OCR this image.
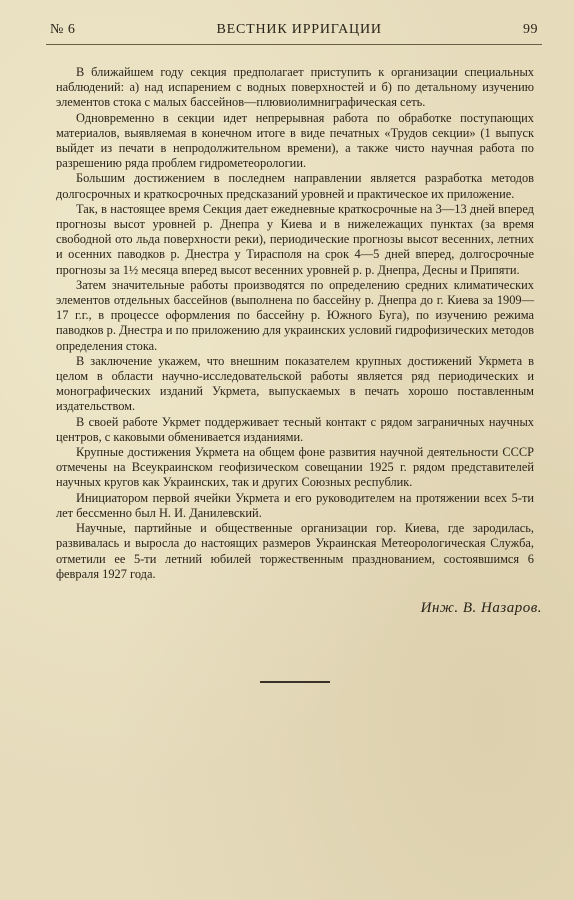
№ 6	ВЕСТНИК ИРРИГАЦИИ	99

В ближайшем году секция предполагает приступить к организации специальных наблюдений: а) над испарением с водных поверхностей и б) по детальному изучению элементов стока с малых бассейнов—плювиолимниграфическая сеть.

Одновременно в секции идет непрерывная работа по обработке поступающих материалов, выявляемая в конечном итоге в виде печатных «Трудов секции» (1 выпуск выйдет из печати в непродолжительном времени), а также чисто научная работа по разрешению ряда проблем гидрометеорологии.

Большим достижением в последнем направлении является разработка методов долгосрочных и краткосрочных предсказаний уровней и практическое их приложение.

Так, в настоящее время Секция дает ежедневные краткосрочные на 3—13 дней вперед прогнозы высот уровней р. Днепра у Киева и в нижележащих пунктах (за время свободной ото льда поверхности реки), периодические прогнозы высот весенних, летних и осенних паводков р. Днестра у Тирасполя на срок 4—5 дней вперед, долгосрочные прогнозы за 1½ месяца вперед высот весенних уровней р. р. Днепра, Десны и Припяти.

Затем значительные работы производятся по определению средних климатических элементов отдельных бассейнов (выполнена по бассейну р. Днепра до г. Киева за 1909—17 г.г., в процессе оформления по бассейну р. Южного Буга), по изучению режима паводков р. Днестра и по приложению для украинских условий гидрофизических методов определения стока.

В заключение укажем, что внешним показателем крупных достижений Укрмета в целом в области научно-исследовательской работы является ряд периодических и монографических изданий Укрмета, выпускаемых в печать хорошо поставленным издательством.

В своей работе Укрмет поддерживает тесный контакт с рядом заграничных научных центров, с каковыми обменивается изданиями.

Крупные достижения Укрмета на общем фоне развития научной деятельности СССР отмечены на Всеукраинском геофизическом совещании 1925 г. рядом представителей научных кругов как Украинских, так и других Союзных республик.

Инициатором первой ячейки Укрмета и его руководителем на протяжении всех 5-ти лет бессменно был Н. И. Данилевский.

Научные, партийные и общественные организации гор. Киева, где зародилась, развивалась и выросла до настоящих размеров Украинская Метеорологическая Служба, отметили ее 5-ти летний юбилей торжественным празднованием, состоявшимся 6 февраля 1927 года.

Инж. В. Назаров.
